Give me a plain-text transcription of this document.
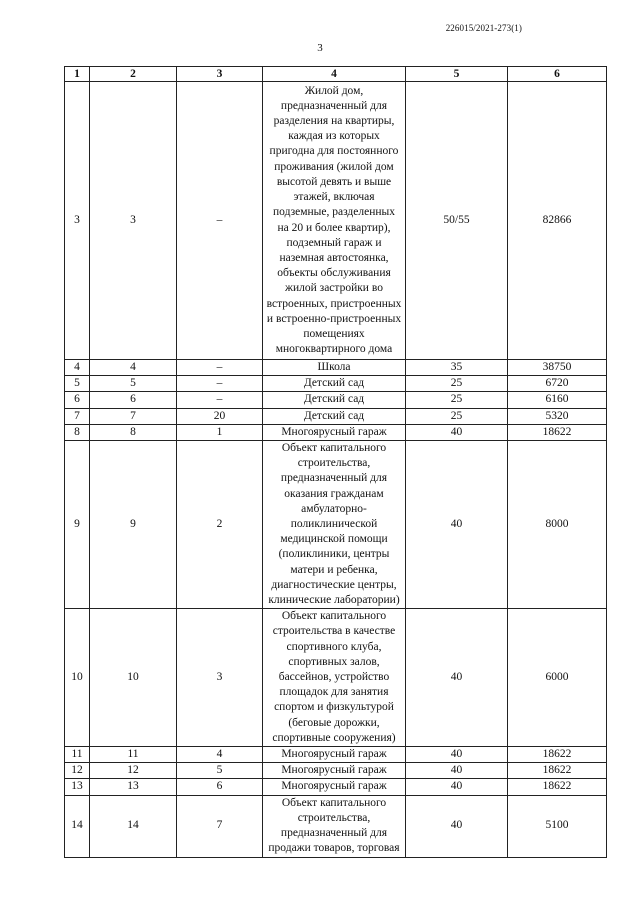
226015/2021-273(1)
3
1	2	3	4	5	6
3	3	–	Жилой дом, предназначенный для разделения на квартиры, каждая из которых пригодна для постоянного проживания (жилой дом высотой девять и выше этажей, включая подземные, разделенных на 20 и более квартир), подземный гараж и наземная автостоянка, объекты обслуживания жилой застройки во встроенных, пристроенных и встроенно-пристроенных помещениях многоквартирного дома	50/55	82866
4	4	–	Школа	35	38750
5	5	–	Детский сад	25	6720
6	6	–	Детский сад	25	6160
7	7	20	Детский сад	25	5320
8	8	1	Многоярусный гараж	40	18622
9	9	2	Объект капитального строительства, предназначенный для оказания гражданам амбулаторно-поликлинической медицинской помощи (поликлиники, центры матери и ребенка, диагностические центры, клинические лаборатории)	40	8000
10	10	3	Объект капитального строительства в качестве спортивного клуба, спортивных залов, бассейнов, устройство площадок для занятия спортом и физкультурой (беговые дорожки, спортивные сооружения)	40	6000
11	11	4	Многоярусный гараж	40	18622
12	12	5	Многоярусный гараж	40	18622
13	13	6	Многоярусный гараж	40	18622
14	14	7	Объект капитального строительства, предназначенный для продажи товаров, торговая	40	5100
